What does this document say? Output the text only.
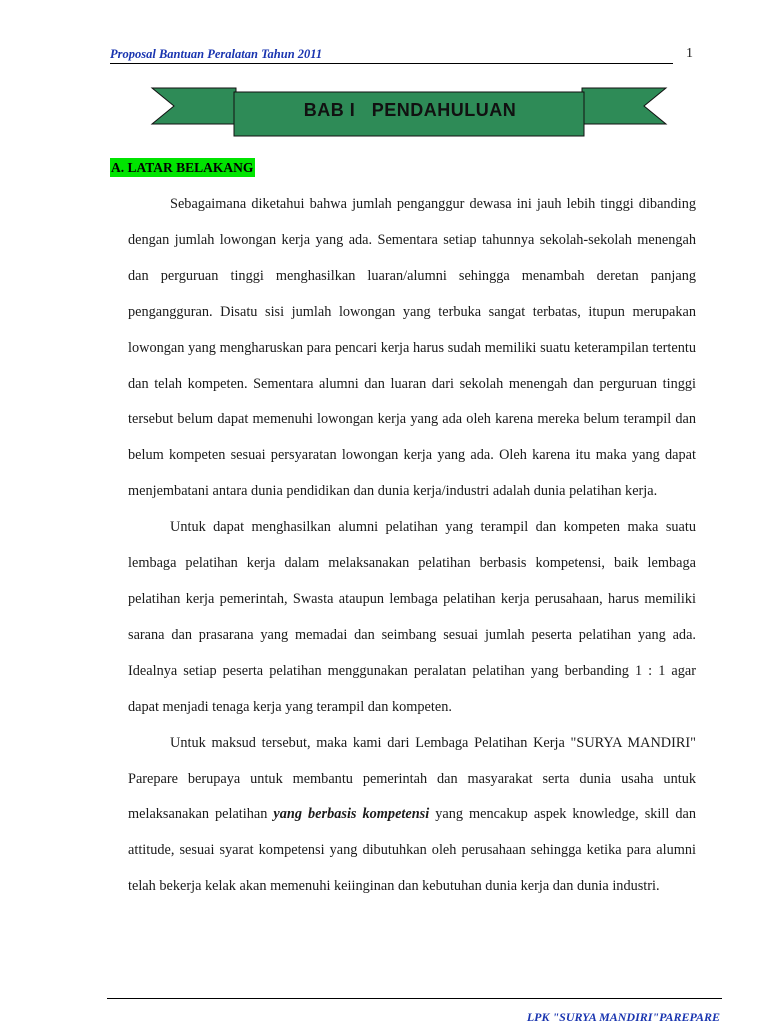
Proposal Bantuan Peralatan Tahun 2011	1

BAB I   PENDAHULUAN
A. LATAR BELAKANG

Sebagaimana diketahui bahwa jumlah penganggur dewasa ini jauh lebih tinggi dibanding dengan jumlah lowongan kerja yang ada. Sementara setiap tahunnya sekolah-sekolah menengah dan perguruan tinggi menghasilkan luaran/alumni sehingga menambah deretan panjang pengangguran. Disatu sisi jumlah lowongan yang terbuka sangat terbatas, itupun merupakan lowongan yang mengharuskan para pencari kerja harus sudah memiliki suatu keterampilan tertentu dan telah kompeten. Sementara alumni dan luaran dari sekolah menengah dan perguruan tinggi tersebut belum dapat memenuhi lowongan kerja yang ada oleh karena mereka belum terampil dan belum kompeten sesuai persyaratan lowongan kerja yang ada. Oleh karena itu maka yang dapat menjembatani antara dunia pendidikan dan dunia kerja/industri adalah dunia pelatihan kerja.

Untuk dapat menghasilkan alumni pelatihan yang terampil dan kompeten maka suatu lembaga pelatihan kerja dalam melaksanakan pelatihan berbasis kompetensi, baik lembaga pelatihan kerja pemerintah, Swasta ataupun lembaga pelatihan kerja perusahaan, harus memiliki sarana dan prasarana yang memadai dan seimbang sesuai jumlah peserta pelatihan yang ada. Idealnya setiap peserta pelatihan menggunakan peralatan pelatihan yang berbanding 1 : 1 agar dapat menjadi tenaga kerja yang terampil dan kompeten.

Untuk maksud tersebut, maka kami dari Lembaga Pelatihan Kerja "SURYA MANDIRI" Parepare berupaya untuk membantu pemerintah dan masyarakat serta dunia usaha untuk melaksanakan pelatihan yang berbasis kompetensi yang mencakup aspek knowledge, skill dan attitude, sesuai syarat kompetensi yang dibutuhkan oleh perusahaan sehingga ketika para alumni telah bekerja kelak akan memenuhi keiinginan dan kebutuhan dunia kerja dan dunia industri.

LPK "SURYA MANDIRI"PAREPARE
